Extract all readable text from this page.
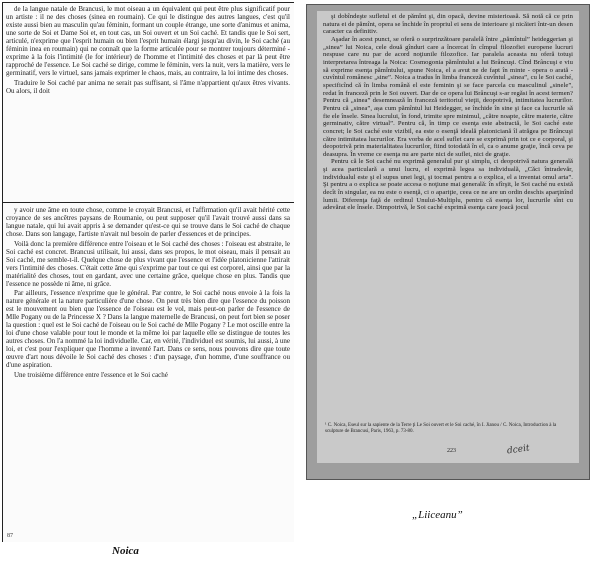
de la langue natale de Brancusi, le mot oiseau a un équivalent qui peut être plus significatif pour un artiste : il ne des choses (sinea en roumain). Ce qui le distingue des autres langues, c'est qu'il existe aussi bien au masculin qu'au féminin, formant un couple étrange, une sorte d'animus et anima, une sorte de Soi et Dame Soi et, en tout cas, un Soi ouvert et un Soi caché. Et tandis que le Soi sert, articulé, n'exprime que l'esprit humain ou bien l'esprit humain élargi jusqu'au divin, le Soi caché (au féminin inea en roumain) qui ne connaît que la forme articulée pour se montrer toujours déterminé - exprime à la fois l'intimité (le for intérieur) de l'homme et l'intimité des choses et par là peut être rapproché de l'essence. Le Soi caché se dirige, comme le féminin, vers la nuit, vers la matière, vers le germinatif, vers le virtuel, sans jamais exprimer le chaos, mais, au contraire, la loi intime des choses.

Traduire le Soi caché par anima ne serait pas suffisant, si l'âme n'appartient qu'aux êtres vivants. Ou alors, il doit

y avoir une âme en toute chose, comme le croyait Brancusi, et l'affirmation qu'il avait hérité cette croyance de ses ancêtres paysans de Roumanie, ou peut supposer qu'il l'avait trouvé aussi dans sa langue natale, qui lui avait appris à se demander qu'est-ce qui se trouve dans le Soi caché de chaque chose. Dans son langage, l'artiste n'avait nul besoin de parler d'essences et de principes.

Voilà donc la première différence entre l'oiseau et le Soi caché des choses : l'oiseau est abstraite, le Soi caché est concret. Brancusi utilisait, lui aussi, dans ses propos, le mot oiseau, mais il pensait au Soi caché, me semble-t-il. Quelque chose de plus vivant que l'essence et l'idée platonicienne l'attirait vers l'intimité des choses. C'était cette âme qui s'exprime par tout ce qui est corporel, ainsi que par la matérialité des choses, tout en gardant, avec une certaine grâce, quelque chose en plus. Tandis que l'essence ne possède ni âme, ni grâce.

Par ailleurs, l'essence n'exprime que le général. Par contre, le Soi caché nous envoie à la fois la nature générale et la nature particulière d'une chose. On peut très bien dire que l'essence du poisson est le mouvement ou bien que l'essence de l'oiseau est le vol, mais peut-on parler de l'essence de Mlle Pogany ou de la Princesse X ? Dans la langue maternelle de Brancusi, on peut fort bien se poser la question : quel est le Soi caché de l'oiseau ou le Soi caché de Mlle Pogany ? Le mot oscille entre la loi d'une chose valable pour tout le monde et la même loi par laquelle elle se distingue de toutes les autres choses. On l'a nommé la loi individuelle. Car, en vérité, l'individuel est soumis, lui aussi, à une loi, et c'est pour l'expliquer que l'homme a inventé l'art. Dans ce sens, nous pouvons dire que toute œuvre d'art nous dévoile le Soi caché des choses : d'un paysage, d'un homme, d'une souffrance ou d'une aspiration.

Une troisième différence entre l'essence et le Soi caché

87
Noica

şi dobîndeşte sufletul ei de pămînt şi, din opacă, devine misterioasă. Să notă că ce prin natura ei de pămînt, opera se închide în propriul ei sens de interioare şi nicăieri într-un desen caracter ca definitiv.

Aşadar în acest punct, se oferă o surprinzătoare paralelă între „pămîntul” heideggerian şi „sinea” lui Noica, cele două gînduri care a încercat în cîmpul filozofiei europene lucruri nespuse care nu par de acord noţiunile filozofice. Iar paralela aceasta nu oferă totuşi interpretarea întreaga la Noica: Cosmogonia pămîntului a lui Brâncuşi. Cînd Brâncuşi e viu să exprime esenţa pămîntului, spune Noica, el a avut ne de fapt în minte - opera o arată - cuvîntul românesc „sine”. Noica a tradus în limba franceză cuvîntul „sinea”, cu le Soi caché, specificînd că în limba română el este feminin şi se face parcela cu masculinul „sinele”, redat în franceză prin le Soi ouvert. Dar de ce opera lui Brâncuşi s-ar regăsi în acest termen? Pentru că „sinea” desemnează în franceză teritoriul vieţii, deopotrivă, intimitatea lucrurilor. Pentru că „sinea”, așa cum pămîntul lui Heidegger, se închide în sine şi face ca lucrurile să fie ele însele. Sinea lucrului, în fond, trimite spre minimul, „către noapte, către materie, către germinativ, către virtual”. Pentru că, în timp ce esenţa este abstractă, le Soi caché este concret; le Soi caché este vizibil, ea este o esenţă ideală platoniciană îl atrăgea pe Brâncuşi către intimitatea lucrurilor. Era vorba de acel suflet care se exprimă prin tot ce e corporal, şi deopotrivă prin materialitatea lucrurilor, fiind totodată în el, ca o anume graţie, încă ceva pe deasupra. În vreme ce esenţa nu are parte nici de suflet, nici de graţie.

Pentru că le Soi caché nu exprimă generalul pur şi simplu, ci deopotrivă natura generală şi acea particulară a unui lucru, el exprimă legea sa individuală, „Căci întradevăr, individualul este şi el supus unei legi, şi tocmai pentru a o explica, el a inventat omul arta”. Şi pentru a o explica se poate accesa o noţiune mai generală: în sfîrşit, le Soi caché nu există decît în singular, ea nu este o esenţă, ci o apariţie, ceea ce ne are un ordin deschis aparţinînd lumii. Diferenţa faţă de ordinul Unului-Multiplu, pentru că esenţa lor, lucrurile sînt cu adevărat ele însele. Dimpotrivă, le Soi caché exprimă esenţa care joacă jocul

¹ C. Noica, Eseul sur la sapiente de la Terre ţi Le Soi ouvert et le Soi caché, în I. Jianou / C. Noica, Introduction à la sculpture de Brancusi, Paris, 1963, p. 73-80.
223	dceit
„Liiceanu”
